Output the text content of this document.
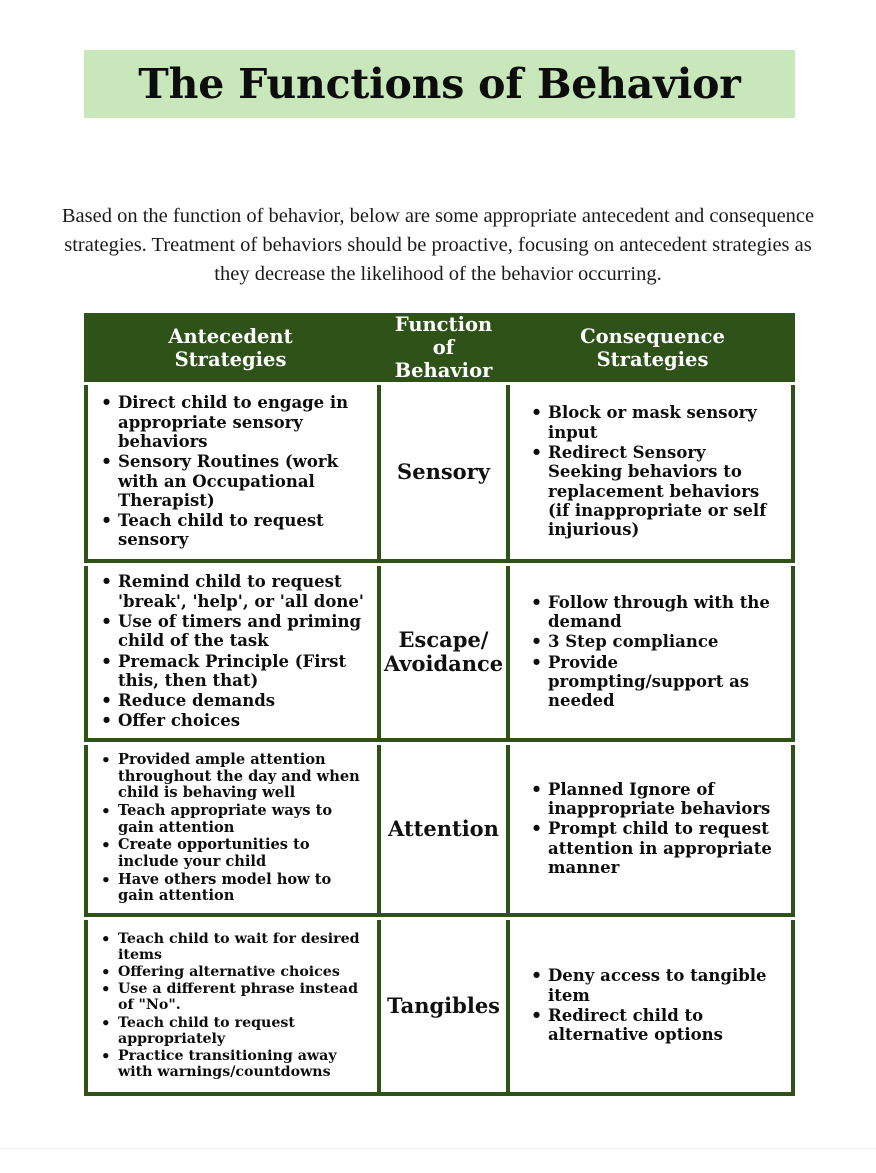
The Functions of Behavior

Based on the function of behavior, below are some appropriate antecedent and consequence strategies. Treatment of behaviors should be proactive, focusing on antecedent strategies as they decrease the likelihood of the behavior occurring.

Antecedent
Strategies
Function
of Behavior
Consequence
Strategies
• Direct child to engage in appropriate sensory behaviors
• Sensory Routines (work with an Occupational Therapist)
• Teach child to request sensory
Sensory
• Block or mask sensory input
• Redirect Sensory Seeking behaviors to replacement behaviors (if inappropriate or self injurious)
• Remind child to request 'break', 'help', or 'all done'
• Use of timers and priming child of the task
• Premack Principle (First this, then that)
• Reduce demands
• Offer choices
Escape/
Avoidance
• Follow through with the demand
• 3 Step compliance
• Provide prompting/support as needed
• Provided ample attention throughout the day and when child is behaving well
• Teach appropriate ways to gain attention
• Create opportunities to include your child
• Have others model how to gain attention
Attention
• Planned Ignore of inappropriate behaviors
• Prompt child to request attention in appropriate manner
• Teach child to wait for desired items
• Offering alternative choices
• Use a different phrase instead of "No".
• Teach child to request appropriately
• Practice transitioning away with warnings/countdowns
Tangibles
• Deny access to tangible item
• Redirect child to alternative options
